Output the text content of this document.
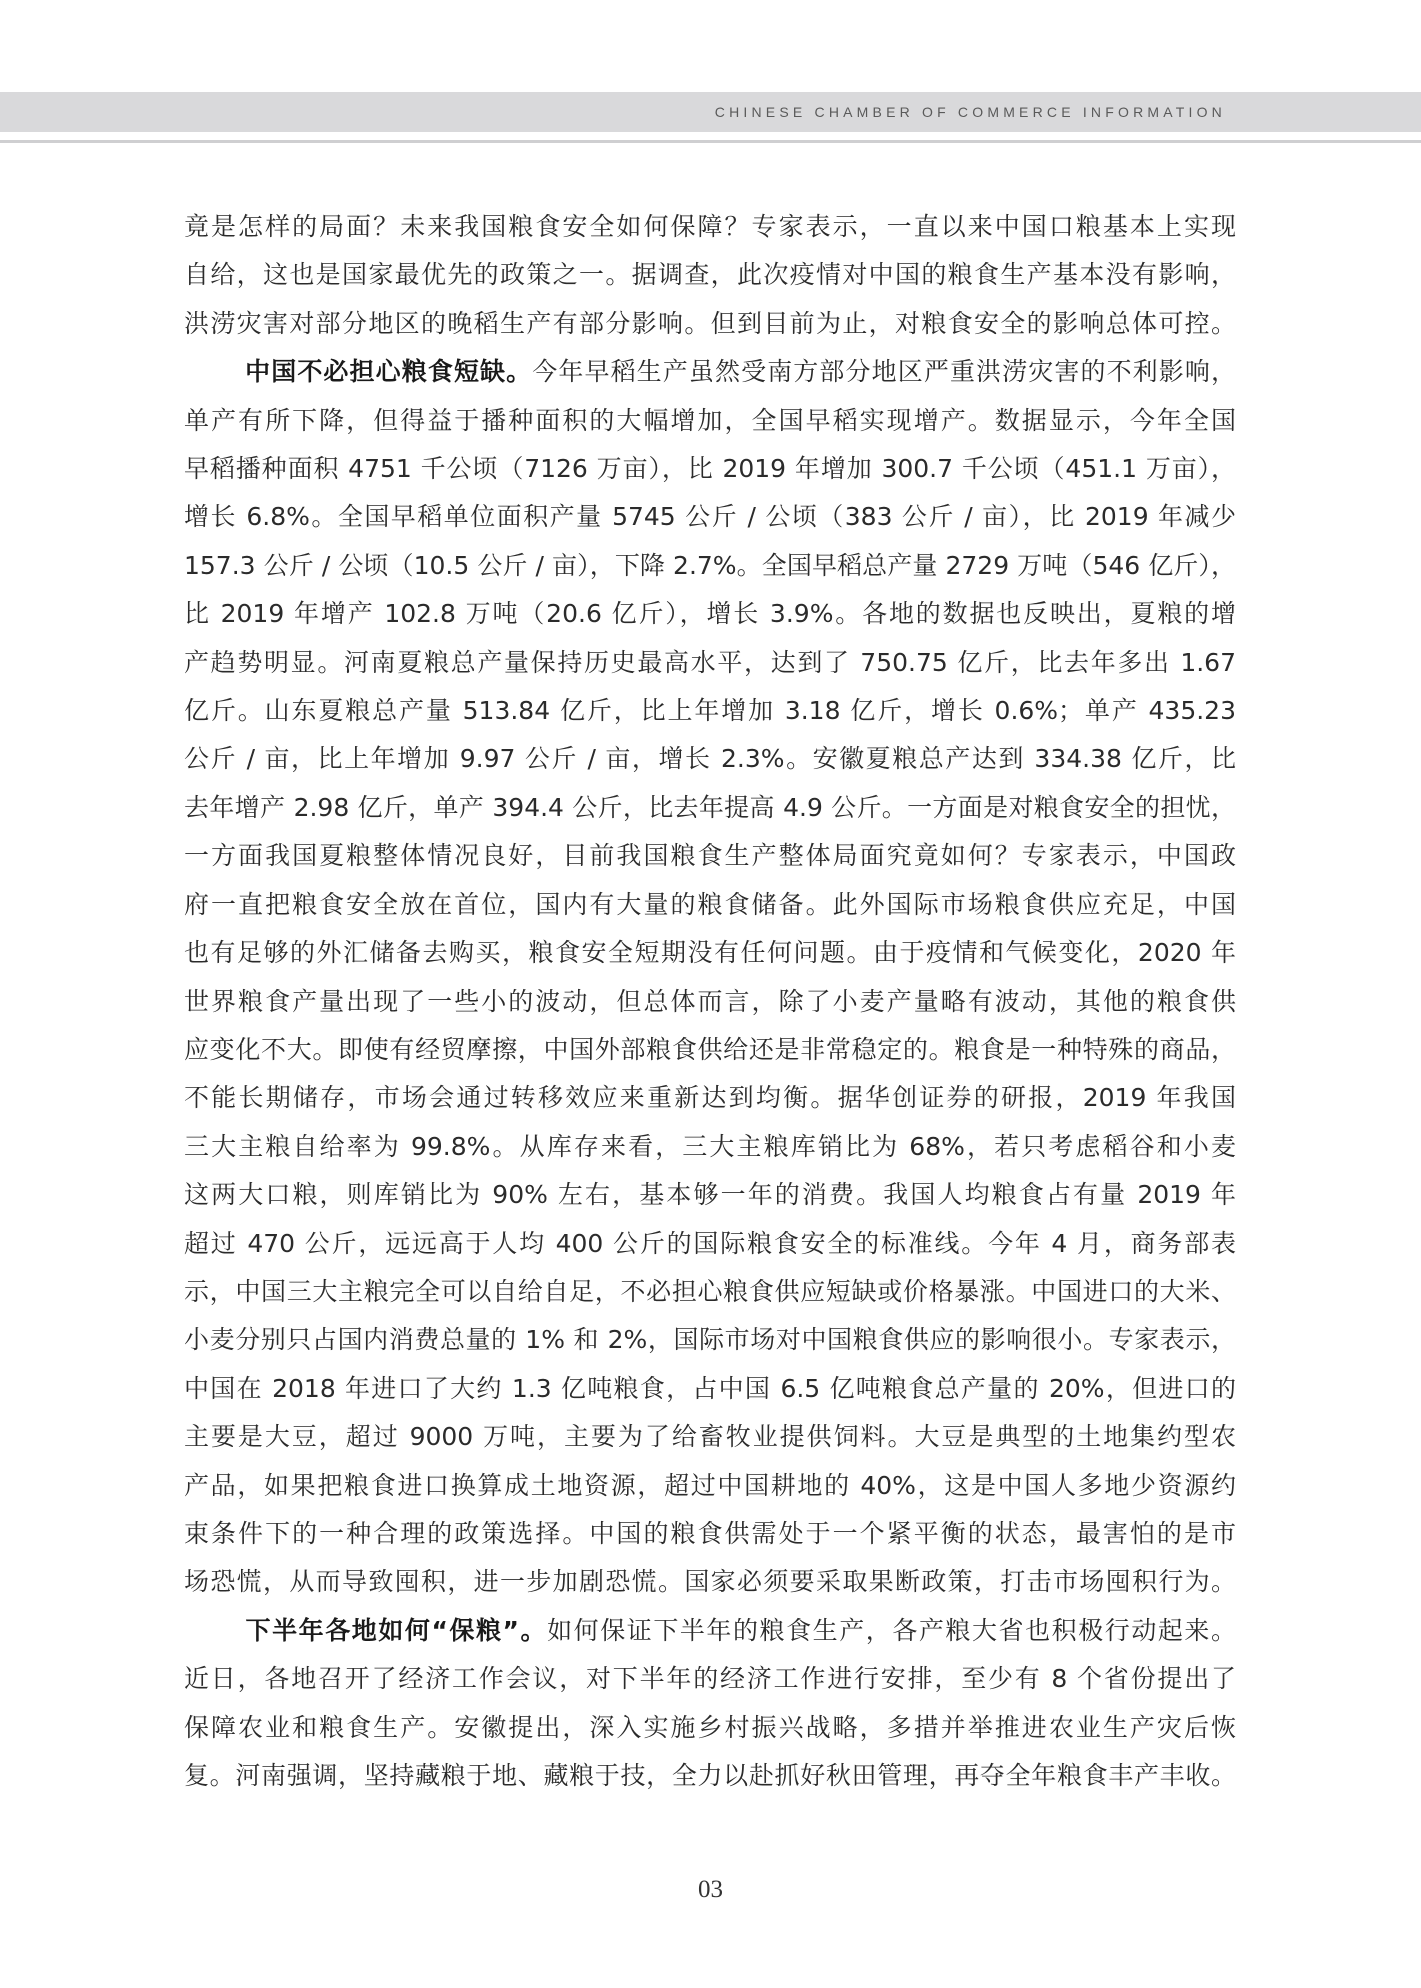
CHINESE CHAMBER OF COMMERCE INFORMATION

竟是怎样的局面？未来我国粮食安全如何保障？专家表示，一直以来中国口粮基本上实现
自给，这也是国家最优先的政策之一。据调查，此次疫情对中国的粮食生产基本没有影响，
洪涝灾害对部分地区的晚稻生产有部分影响。但到目前为止，对粮食安全的影响总体可控。

中国不必担心粮食短缺。今年早稻生产虽然受南方部分地区严重洪涝灾害的不利影响，
单产有所下降，但得益于播种面积的大幅增加，全国早稻实现增产。数据显示，今年全国
早稻播种面积 4751 千公顷（7126 万亩），比 2019 年增加 300.7 千公顷（451.1 万亩），
增长 6.8%。全国早稻单位面积产量 5745 公斤 / 公顷（383 公斤 / 亩），比 2019 年减少
157.3 公斤 / 公顷（10.5 公斤 / 亩），下降 2.7%。全国早稻总产量 2729 万吨（546 亿斤），
比 2019 年增产 102.8 万吨（20.6 亿斤），增长 3.9%。各地的数据也反映出，夏粮的增
产趋势明显。河南夏粮总产量保持历史最高水平，达到了 750.75 亿斤，比去年多出 1.67
亿斤。山东夏粮总产量 513.84 亿斤，比上年增加 3.18 亿斤，增长 0.6%；单产 435.23
公斤 / 亩，比上年增加 9.97 公斤 / 亩，增长 2.3%。安徽夏粮总产达到 334.38 亿斤，比
去年增产 2.98 亿斤，单产 394.4 公斤，比去年提高 4.9 公斤。一方面是对粮食安全的担忧，
一方面我国夏粮整体情况良好，目前我国粮食生产整体局面究竟如何？专家表示，中国政
府一直把粮食安全放在首位，国内有大量的粮食储备。此外国际市场粮食供应充足，中国
也有足够的外汇储备去购买，粮食安全短期没有任何问题。由于疫情和气候变化，2020 年
世界粮食产量出现了一些小的波动，但总体而言，除了小麦产量略有波动，其他的粮食供
应变化不大。即使有经贸摩擦，中国外部粮食供给还是非常稳定的。粮食是一种特殊的商品，
不能长期储存，市场会通过转移效应来重新达到均衡。据华创证券的研报，2019 年我国
三大主粮自给率为 99.8%。从库存来看，三大主粮库销比为 68%，若只考虑稻谷和小麦
这两大口粮，则库销比为 90% 左右，基本够一年的消费。我国人均粮食占有量 2019 年
超过 470 公斤，远远高于人均 400 公斤的国际粮食安全的标准线。今年 4 月，商务部表
示，中国三大主粮完全可以自给自足，不必担心粮食供应短缺或价格暴涨。中国进口的大米、
小麦分别只占国内消费总量的 1% 和 2%，国际市场对中国粮食供应的影响很小。专家表示，
中国在 2018 年进口了大约 1.3 亿吨粮食，占中国 6.5 亿吨粮食总产量的 20%，但进口的
主要是大豆，超过 9000 万吨，主要为了给畜牧业提供饲料。大豆是典型的土地集约型农
产品，如果把粮食进口换算成土地资源，超过中国耕地的 40%，这是中国人多地少资源约
束条件下的一种合理的政策选择。中国的粮食供需处于一个紧平衡的状态，最害怕的是市
场恐慌，从而导致囤积，进一步加剧恐慌。国家必须要采取果断政策，打击市场囤积行为。

下半年各地如何“保粮”。如何保证下半年的粮食生产，各产粮大省也积极行动起来。
近日，各地召开了经济工作会议，对下半年的经济工作进行安排，至少有 8 个省份提出了
保障农业和粮食生产。安徽提出，深入实施乡村振兴战略，多措并举推进农业生产灾后恢
复。河南强调，坚持藏粮于地、藏粮于技，全力以赴抓好秋田管理，再夺全年粮食丰产丰收。

03
